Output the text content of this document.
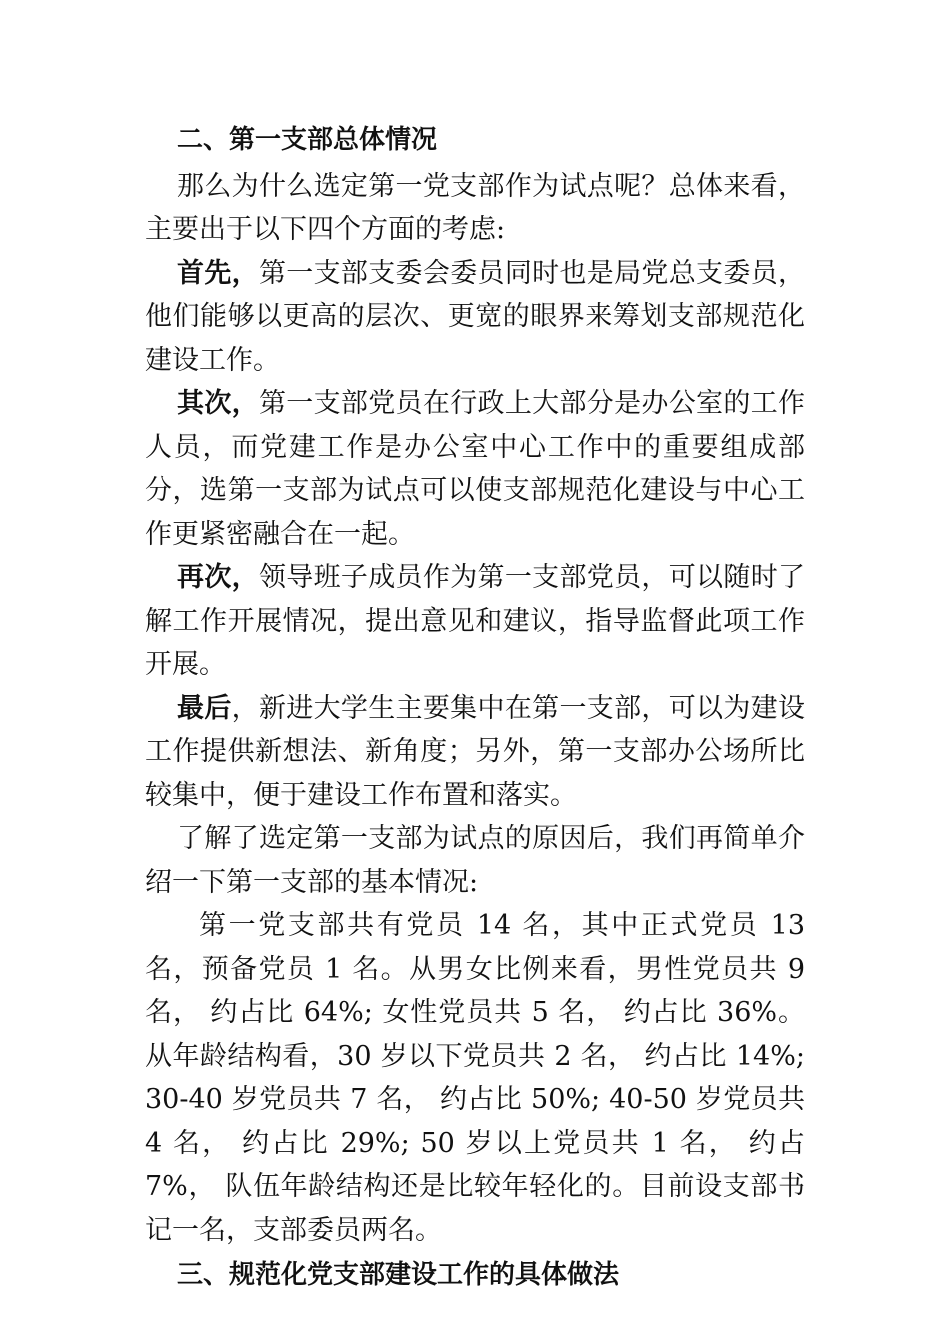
二、第一支部总体情况

那么为什么选定第一党支部作为试点呢？总体来看，主要出于以下四个方面的考虑:

首先，第一支部支委会委员同时也是局党总支委员，他们能够以更高的层次、更宽的眼界来筹划支部规范化建设工作。

其次，第一支部党员在行政上大部分是办公室的工作人员，而党建工作是办公室中心工作中的重要组成部分，选第一支部为试点可以使支部规范化建设与中心工作更紧密融合在一起。

再次，领导班子成员作为第一支部党员，可以随时了解工作开展情况，提出意见和建议，指导监督此项工作开展。

最后，新进大学生主要集中在第一支部，可以为建设工作提供新想法、新角度；另外，第一支部办公场所比较集中，便于建设工作布置和落实。

了解了选定第一支部为试点的原因后，我们再简单介绍一下第一支部的基本情况:

第一党支部共有党员 14 名，其中正式党员 13 名，预备党员 1 名。从男女比例来看，男性党员共 9 名， 约占比 64%; 女性党员共 5 名， 约占比 36%。从年龄结构看，30 岁以下党员共 2 名， 约占比 14%; 30-40 岁党员共 7 名， 约占比 50%; 40-50 岁党员共 4 名， 约占比 29%; 50 岁以上党员共 1 名， 约占 7%， 队伍年龄结构还是比较年轻化的。目前设支部书记一名，支部委员两名。

三、规范化党支部建设工作的具体做法
